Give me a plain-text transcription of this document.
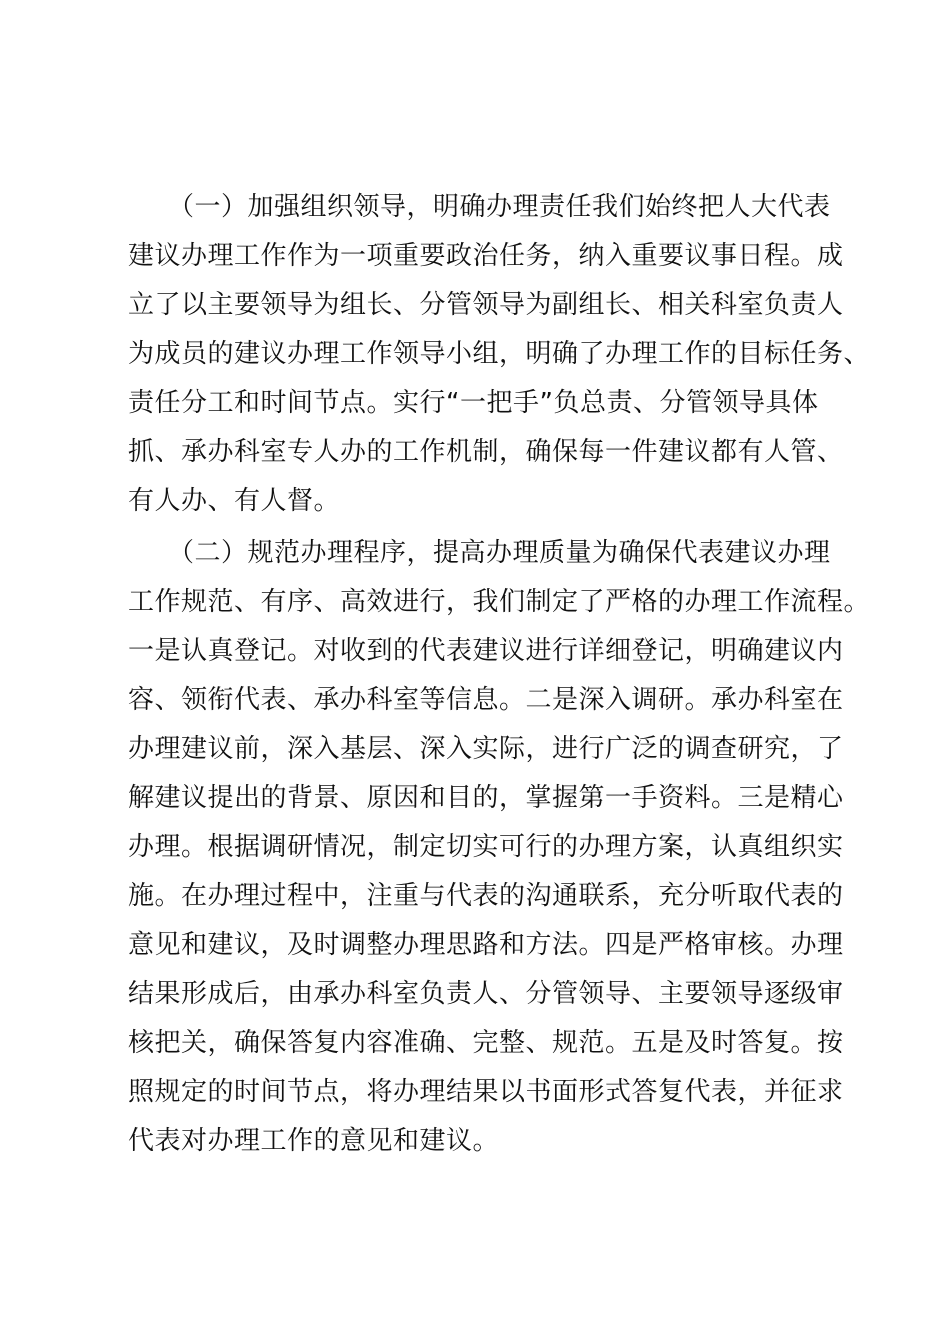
　　（一）加强组织领导，明确办理责任我们始终把人大代表
建议办理工作作为一项重要政治任务，纳入重要议事日程。成
立了以主要领导为组长、分管领导为副组长、相关科室负责人
为成员的建议办理工作领导小组，明确了办理工作的目标任务、
责任分工和时间节点。实行“一把手”负总责、分管领导具体
抓、承办科室专人办的工作机制，确保每一件建议都有人管、
有人办、有人督。
　　（二）规范办理程序，提高办理质量为确保代表建议办理
工作规范、有序、高效进行，我们制定了严格的办理工作流程。
一是认真登记。对收到的代表建议进行详细登记，明确建议内
容、领衔代表、承办科室等信息。二是深入调研。承办科室在
办理建议前，深入基层、深入实际，进行广泛的调查研究，了
解建议提出的背景、原因和目的，掌握第一手资料。三是精心
办理。根据调研情况，制定切实可行的办理方案，认真组织实
施。在办理过程中，注重与代表的沟通联系，充分听取代表的
意见和建议，及时调整办理思路和方法。四是严格审核。办理
结果形成后，由承办科室负责人、分管领导、主要领导逐级审
核把关，确保答复内容准确、完整、规范。五是及时答复。按
照规定的时间节点，将办理结果以书面形式答复代表，并征求
代表对办理工作的意见和建议。
